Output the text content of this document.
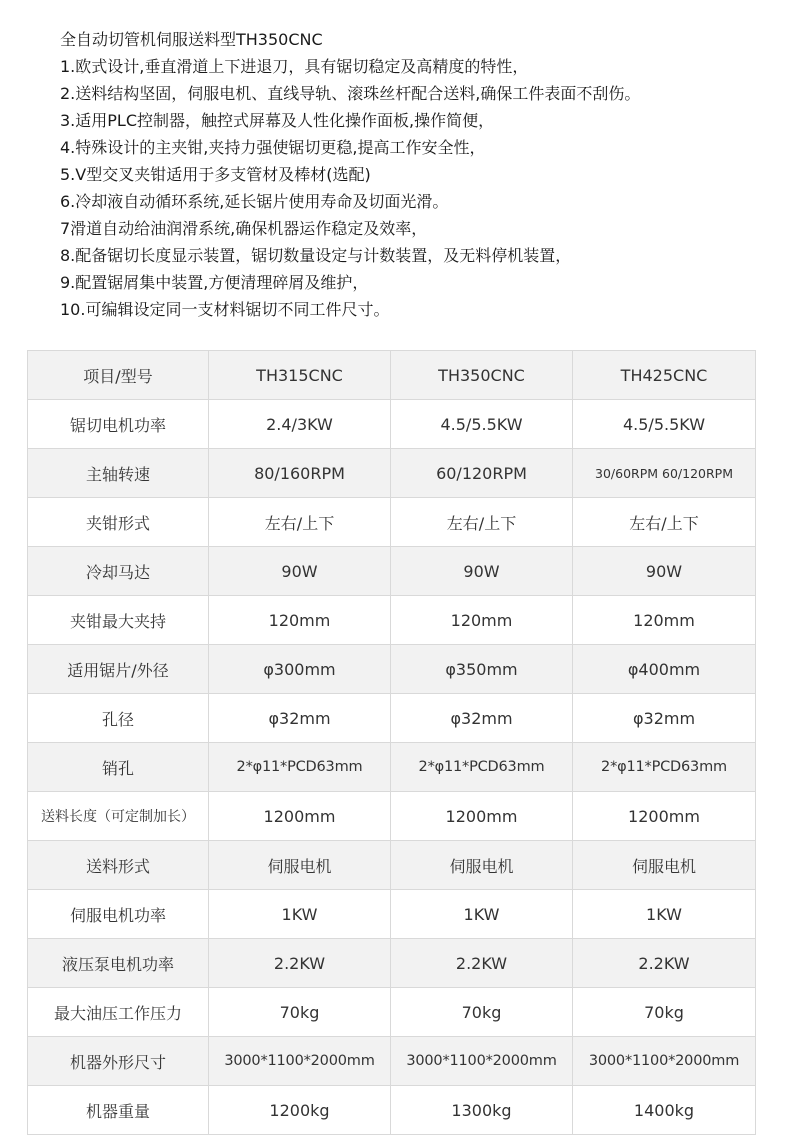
全自动切管机伺服送料型TH350CNC
1.欧式设计,垂直滑道上下进退刀，具有锯切稳定及高精度的特性，
2.送料结构坚固，伺服电机、直线导轨、滚珠丝杆配合送料,确保工件表面不刮伤。
3.适用PLC控制器，触控式屏幕及人性化操作面板,操作简便，
4.特殊设计的主夹钳,夹持力强使锯切更稳,提高工作安全性，
5.V型交叉夹钳适用于多支管材及棒材(选配)
6.冷却液自动循环系统,延长锯片使用寿命及切面光滑。
7滑道自动给油润滑系统,确保机器运作稳定及效率，
8.配备锯切长度显示装置，锯切数量设定与计数装置，及无料停机装置，
9.配置锯屑集中装置,方便清理碎屑及维护，
10.可编辑设定同一支材料锯切不同工件尺寸。
项目/型号	TH315CNC	TH350CNC	TH425CNC
锯切电机功率	2.4/3KW	4.5/5.5KW	4.5/5.5KW
主轴转速	80/160RPM	60/120RPM	30/60RPM 60/120RPM
夹钳形式	左右/上下	左右/上下	左右/上下
冷却马达	90W	90W	90W
夹钳最大夹持	120mm	120mm	120mm
适用锯片/外径	φ300mm	φ350mm	φ400mm
孔径	φ32mm	φ32mm	φ32mm
销孔	2*φ11*PCD63mm	2*φ11*PCD63mm	2*φ11*PCD63mm
送料长度（可定制加长）	1200mm	1200mm	1200mm
送料形式	伺服电机	伺服电机	伺服电机
伺服电机功率	1KW	1KW	1KW
液压泵电机功率	2.2KW	2.2KW	2.2KW
最大油压工作压力	70kg	70kg	70kg
机器外形尺寸	3000*1100*2000mm	3000*1100*2000mm	3000*1100*2000mm
机器重量	1200kg	1300kg	1400kg
